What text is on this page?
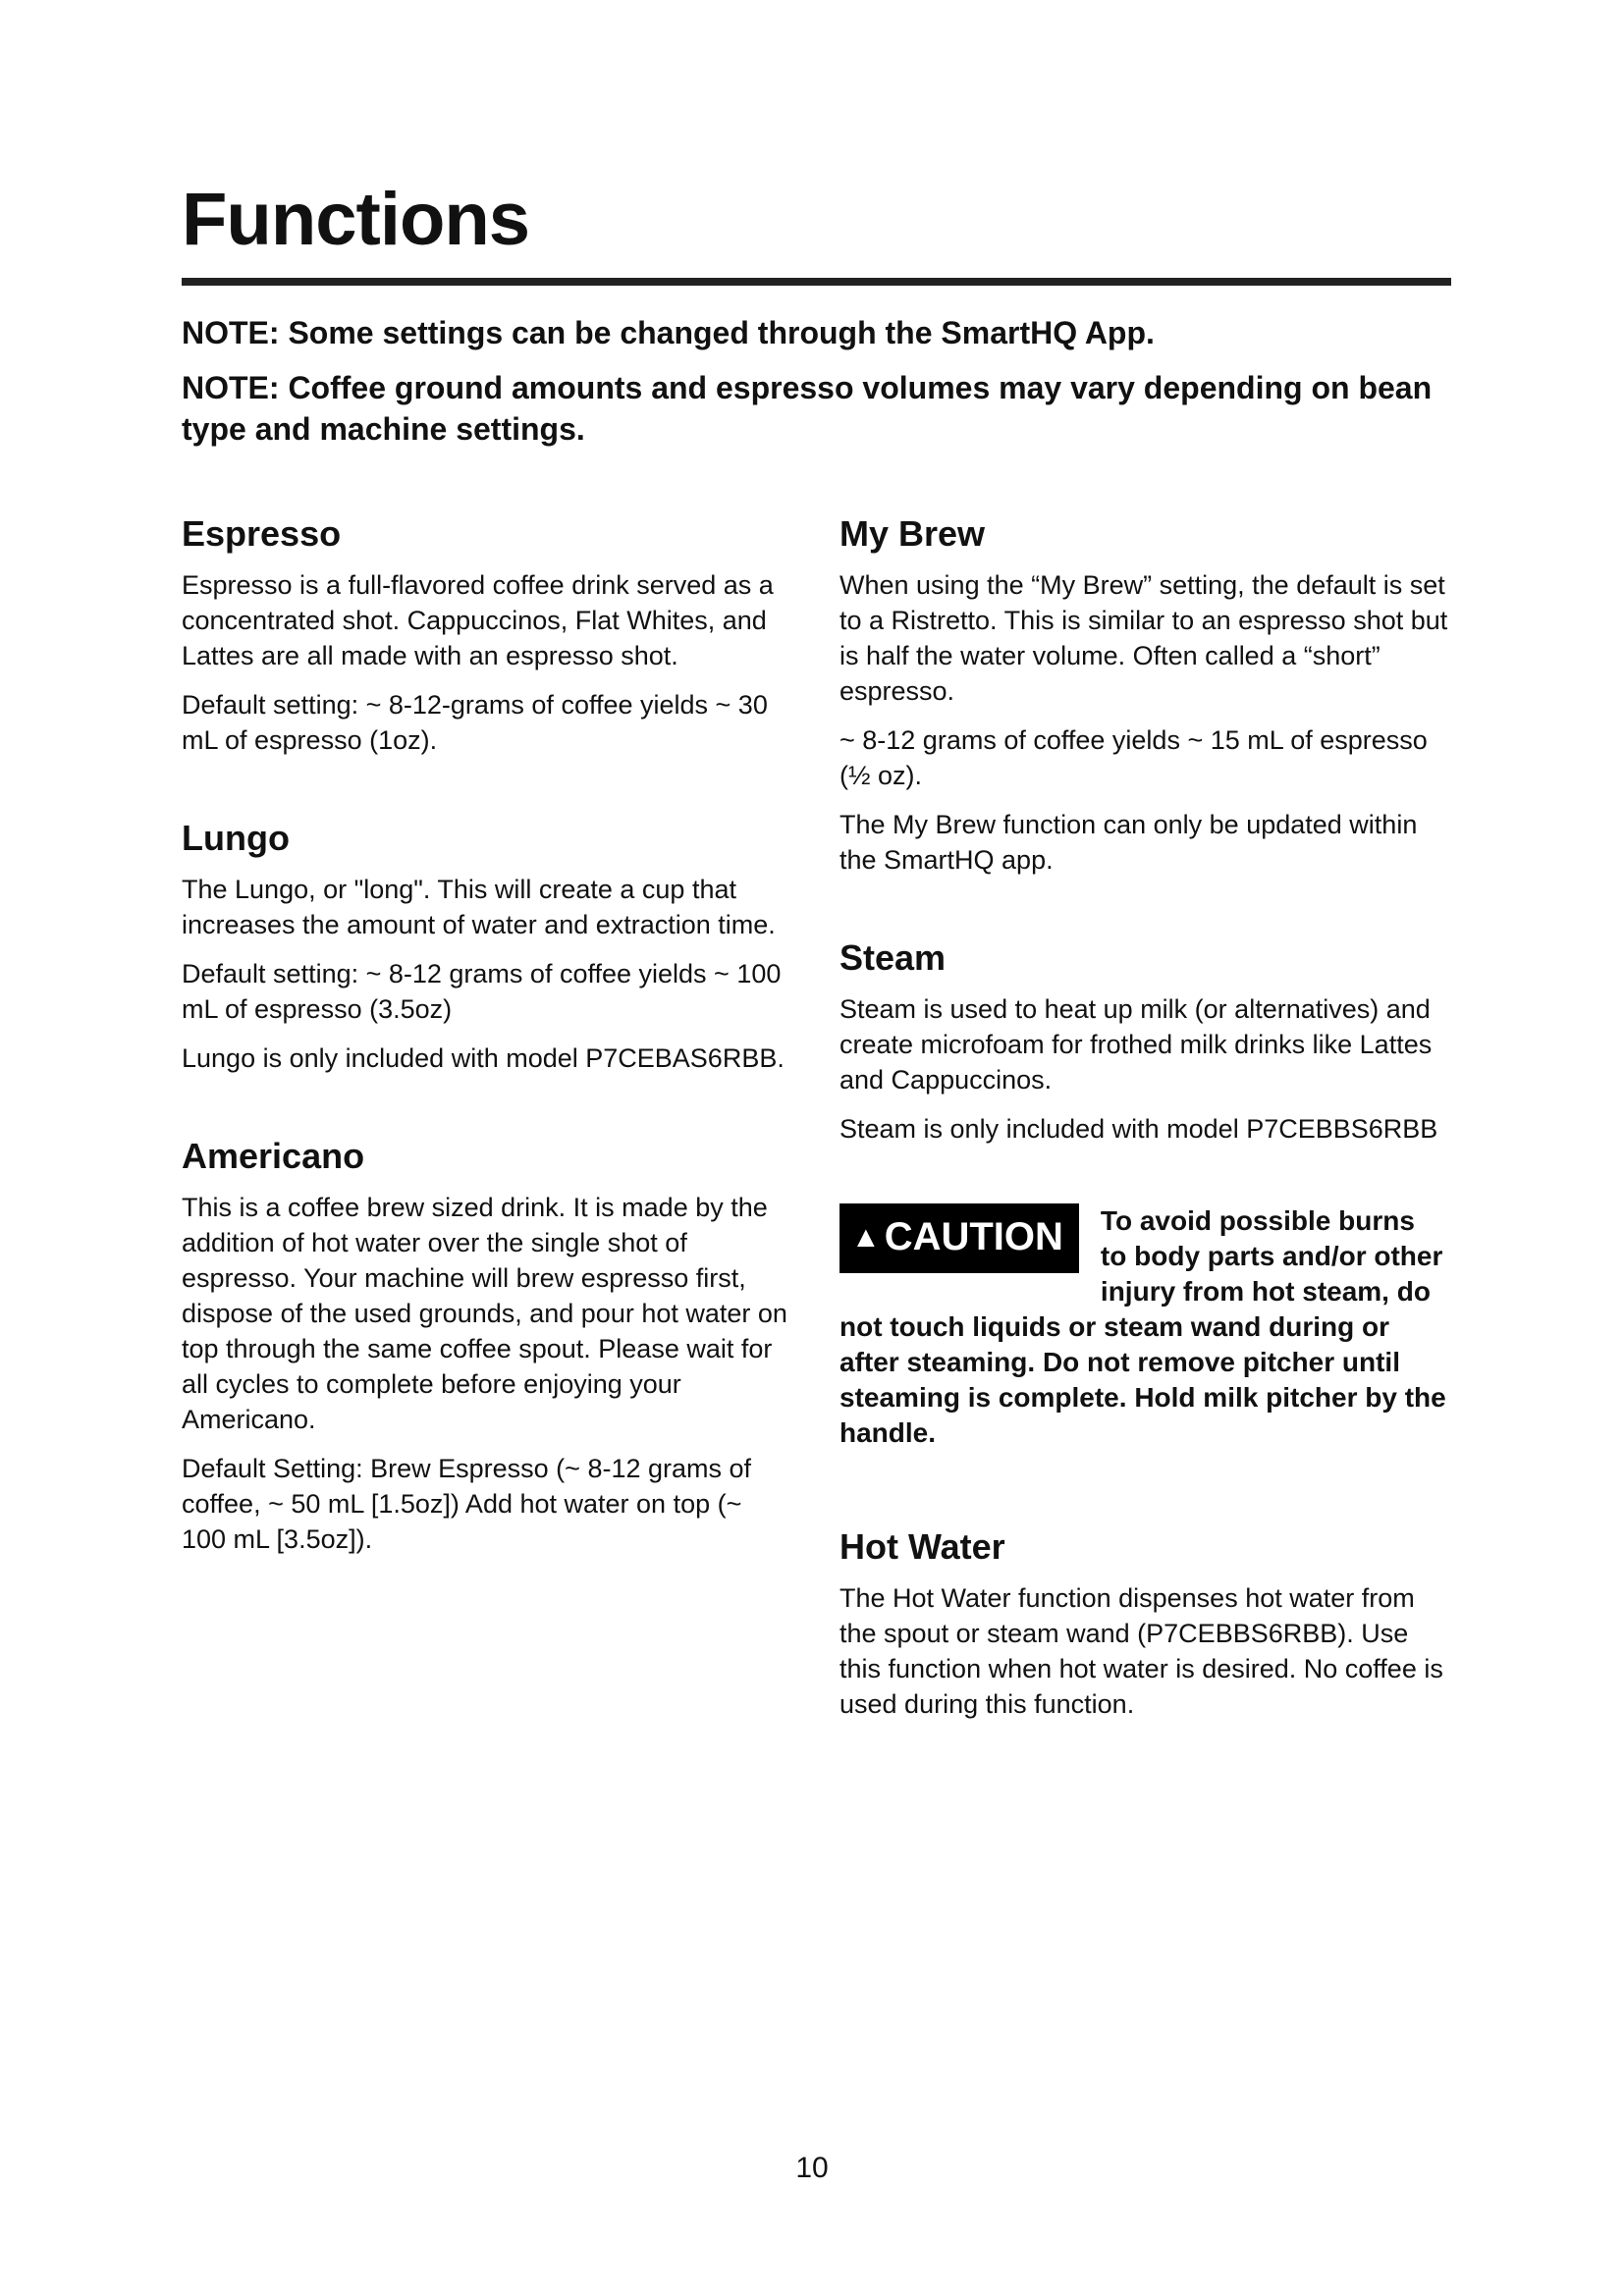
Functions

NOTE: Some settings can be changed through the SmartHQ App.

NOTE: Coffee ground amounts and espresso volumes may vary depending on bean type and machine settings.

Espresso

Espresso is a full-flavored coffee drink served as a concentrated shot. Cappuccinos, Flat Whites, and Lattes are all made with an espresso shot.

Default setting: ~ 8-12-grams of coffee yields ~ 30 mL of espresso (1oz).

Lungo

The Lungo, or "long". This will create a cup that increases the amount of water and extraction time.

Default setting: ~ 8-12 grams of coffee yields ~ 100 mL of espresso (3.5oz)

Lungo is only included with model P7CEBAS6RBB.

Americano

This is a coffee brew sized drink. It is made by the addition of hot water over the single shot of espresso. Your machine will brew espresso first, dispose of the used grounds, and pour hot water on top through the same coffee spout. Please wait for all cycles to complete before enjoying your Americano.

Default Setting: Brew Espresso (~ 8-12 grams of coffee, ~ 50 mL [1.5oz]) Add hot water on top (~ 100 mL [3.5oz]).

My Brew

When using the “My Brew” setting, the default is set to a Ristretto. This is similar to an espresso shot but is half the water volume. Often called a “short” espresso.

~ 8-12 grams of coffee yields ~ 15 mL of espresso (½ oz).

The My Brew function can only be updated within the SmartHQ app.

Steam

Steam is used to heat up milk (or alternatives) and create microfoam for frothed milk drinks like Lattes and Cappuccinos.

Steam is only included with model P7CEBBS6RBB

▲ CAUTION	To avoid possible burns to body parts and/or other injury from hot steam, do not touch liquids or steam wand during or after steaming. Do not remove pitcher until steaming is complete. Hold milk pitcher by the handle.

Hot Water

The Hot Water function dispenses hot water from the spout or steam wand (P7CEBBS6RBB). Use this function when hot water is desired. No coffee is used during this function.

10
